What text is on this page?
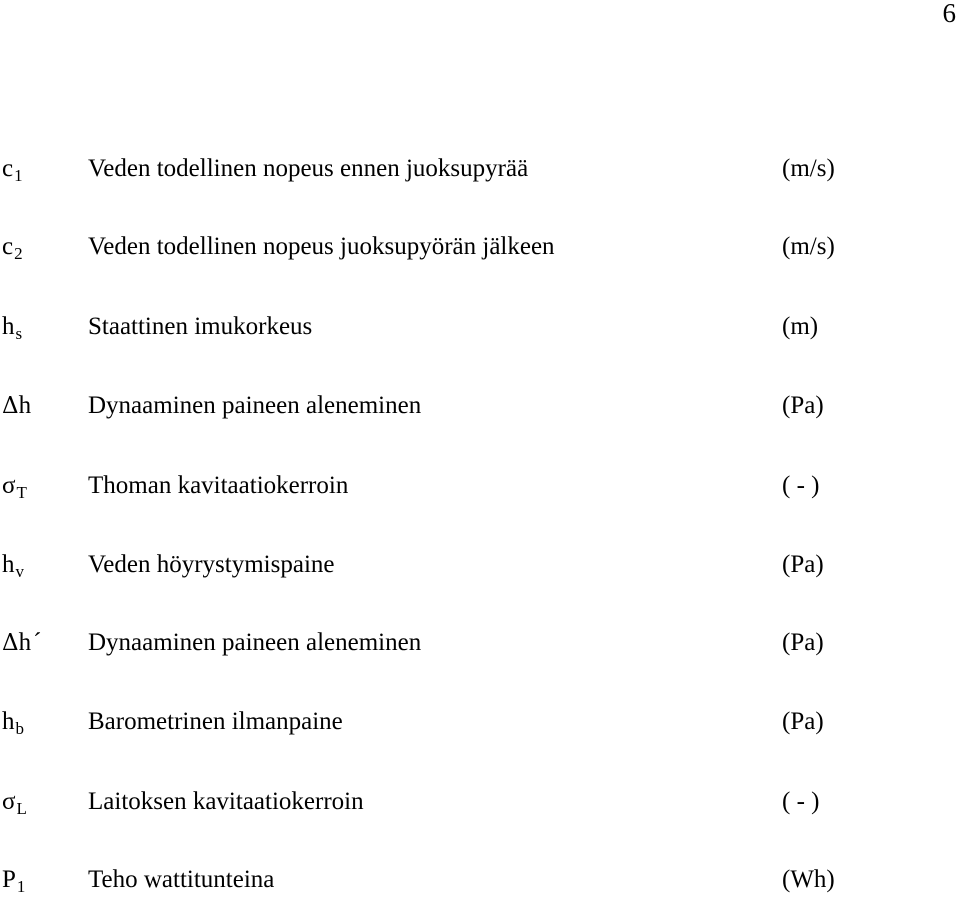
6
$c_1$	Veden todellinen nopeus ennen juoksupyrää	(m/s)
$c_2$	Veden todellinen nopeus juoksupyörän jälkeen	(m/s)
$h_s$	Staattinen imukorkeus	(m)
Δh Dynaaminen paineen aleneminen	(Pa)
$\sigma_T$ Thoman kavitaatiokerroin	( - )
$h_v$	Veden höyrystymispaine	(Pa)
Δh´ Dynaaminen paineen aleneminen	(Pa)
$h_b$	Barometrinen ilmanpaine	(Pa)
$\sigma_L$ Laitoksen kavitaatiokerroin	( - )
$P_1$	Teho wattitunteina	(Wh)
